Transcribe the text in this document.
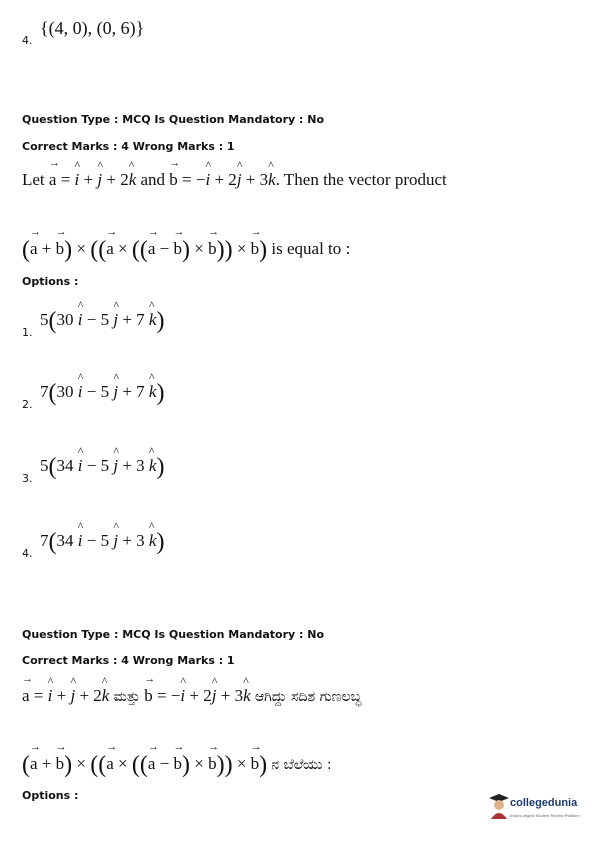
4.
{(4, 0), (0, 6)}
Question Type : MCQ Is Question Mandatory : No
Correct Marks : 4 Wrong Marks : 1
Let → a = ^ i + ^ j + 2^ k and → b = −^ i + 2^ j + 3^ k. Then the vector product
(→ a + → b) × ((→ a × ((→ a − → b) × → b)) × → b) is equal to :
Options :
1.
5(30 ^ i − 5 ^ j + 7 ^ k)
2.
7(30 ^ i − 5 ^ j + 7 ^ k)
3.
5(34 ^ i − 5 ^ j + 3 ^ k)
4.
7(34 ^ i − 5 ^ j + 3 ^ k)
Question Type : MCQ Is Question Mandatory : No
Correct Marks : 4 Wrong Marks : 1
→ a = ^ i + ^ j + 2^ k ಮತ್ತು → b = −^ i + 2^ j + 3^ k ಆಗಿದ್ದು ಸದಿಶ ಗುಣಲಬ್ಧ
(→ a + → b) × ((→ a × ((→ a − → b) × → b)) × → b) ನ ಬೆಲೆಯು :
Options :
collegedunia
India's largest Student Review Platform
